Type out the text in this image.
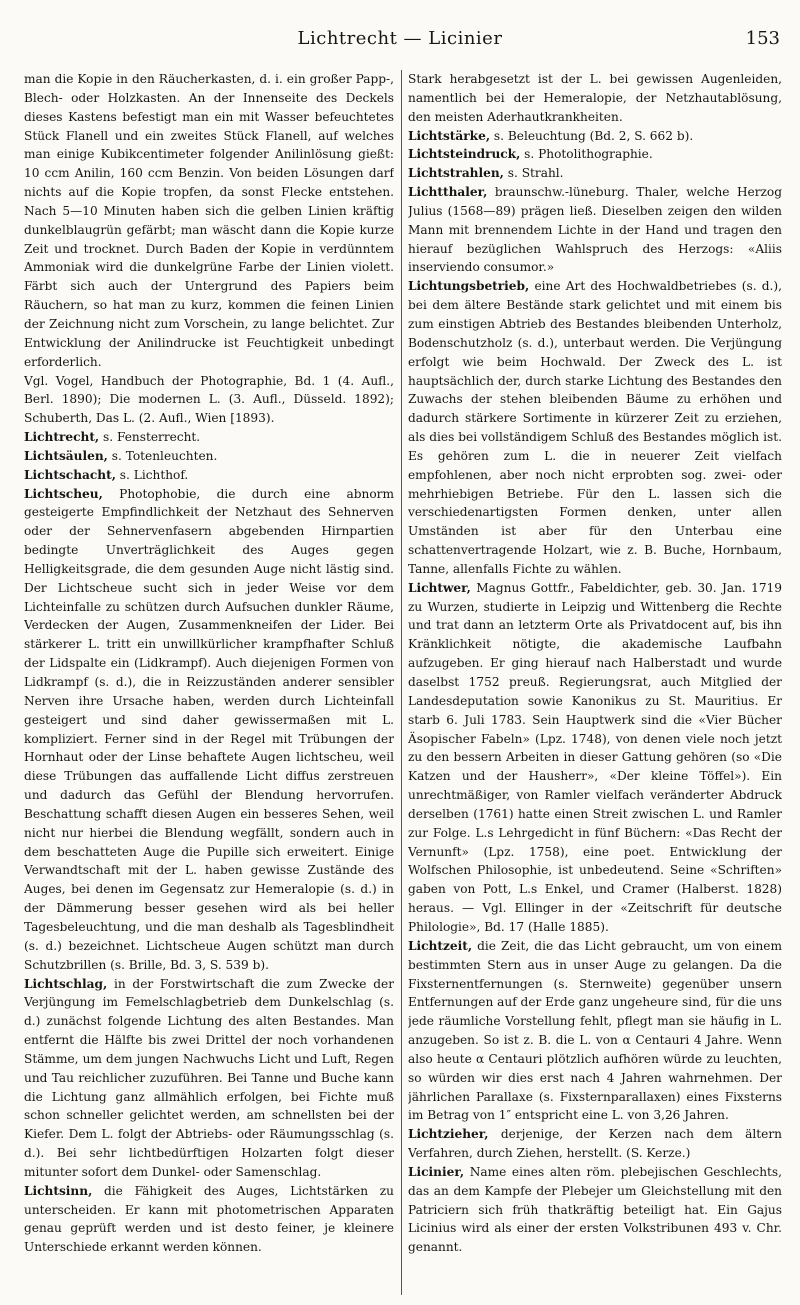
Lichtrecht — Licinier	153

man die Kopie in den Räucherkasten, d. i. ein großer Papp-, Blech- oder Holzkasten. An der Innenseite des Deckels dieses Kastens befestigt man ein mit Wasser befeuchtetes Stück Flanell und ein zweites Stück Flanell, auf welches man einige Kubikcentimeter folgender Anilinlösung gießt: 10 ccm Anilin, 160 ccm Benzin. Von beiden Lösungen darf nichts auf die Kopie tropfen, da sonst Flecke entstehen. Nach 5—10 Minuten haben sich die gelben Linien kräftig dunkelblaugrün gefärbt; man wäscht dann die Kopie kurze Zeit und trocknet. Durch Baden der Kopie in verdünntem Ammoniak wird die dunkelgrüne Farbe der Linien violett. Färbt sich auch der Untergrund des Papiers beim Räuchern, so hat man zu kurz, kommen die feinen Linien der Zeichnung nicht zum Vorschein, zu lange belichtet. Zur Entwicklung der Anilindrucke ist Feuchtigkeit unbedingt erforderlich.

Vgl. Vogel, Handbuch der Photographie, Bd. 1 (4. Aufl., Berl. 1890); Die modernen L. (3. Aufl., Düsseld. 1892); Schuberth, Das L. (2. Aufl., Wien [1893).

Lichtrecht, s. Fensterrecht.

Lichtsäulen, s. Totenleuchten.

Lichtschacht, s. Lichthof.

Lichtscheu, Photophobie, die durch eine abnorm gesteigerte Empfindlichkeit der Netzhaut des Sehnerven oder der Sehnervenfasern abgebenden Hirnpartien bedingte Unverträglichkeit des Auges gegen Helligkeitsgrade, die dem gesunden Auge nicht lästig sind. Der Lichtscheue sucht sich in jeder Weise vor dem Lichteinfalle zu schützen durch Aufsuchen dunkler Räume, Verdecken der Augen, Zusammenkneifen der Lider. Bei stärkerer L. tritt ein unwillkürlicher krampfhafter Schluß der Lidspalte ein (Lidkrampf). Auch diejenigen Formen von Lidkrampf (s. d.), die in Reizzuständen anderer sensibler Nerven ihre Ursache haben, werden durch Lichteinfall gesteigert und sind daher gewissermaßen mit L. kompliziert. Ferner sind in der Regel mit Trübungen der Hornhaut oder der Linse behaftete Augen lichtscheu, weil diese Trübungen das auffallende Licht diffus zerstreuen und dadurch das Gefühl der Blendung hervorrufen. Beschattung schafft diesen Augen ein besseres Sehen, weil nicht nur hierbei die Blendung wegfällt, sondern auch in dem beschatteten Auge die Pupille sich erweitert. Einige Verwandtschaft mit der L. haben gewisse Zustände des Auges, bei denen im Gegensatz zur Hemeralopie (s. d.) in der Dämmerung besser gesehen wird als bei heller Tagesbeleuchtung, und die man deshalb als Tagesblindheit (s. d.) bezeichnet. Lichtscheue Augen schützt man durch Schutzbrillen (s. Brille, Bd. 3, S. 539 b).

Lichtschlag, in der Forstwirtschaft die zum Zwecke der Verjüngung im Femelschlagbetrieb dem Dunkelschlag (s. d.) zunächst folgende Lichtung des alten Bestandes. Man entfernt die Hälfte bis zwei Drittel der noch vorhandenen Stämme, um dem jungen Nachwuchs Licht und Luft, Regen und Tau reichlicher zuzuführen. Bei Tanne und Buche kann die Lichtung ganz allmählich erfolgen, bei Fichte muß schon schneller gelichtet werden, am schnellsten bei der Kiefer. Dem L. folgt der Abtriebs- oder Räumungsschlag (s. d.). Bei sehr lichtbedürftigen Holzarten folgt dieser mitunter sofort dem Dunkel- oder Samenschlag.

Lichtsinn, die Fähigkeit des Auges, Lichtstärken zu unterscheiden. Er kann mit photometrischen Apparaten genau geprüft werden und ist desto feiner, je kleinere Unterschiede erkannt werden können.

Stark herabgesetzt ist der L. bei gewissen Augenleiden, namentlich bei der Hemeralopie, der Netzhautablösung, den meisten Aderhautkrankheiten.

Lichtstärke, s. Beleuchtung (Bd. 2, S. 662 b).

Lichtsteindruck, s. Photolithographie.

Lichtstrahlen, s. Strahl.

Lichtthaler, braunschw.-lüneburg. Thaler, welche Herzog Julius (1568—89) prägen ließ. Dieselben zeigen den wilden Mann mit brennendem Lichte in der Hand und tragen den hierauf bezüglichen Wahlspruch des Herzogs: «Aliis inserviendo consumor.»

Lichtungsbetrieb, eine Art des Hochwaldbetriebes (s. d.), bei dem ältere Bestände stark gelichtet und mit einem bis zum einstigen Abtrieb des Bestandes bleibenden Unterholz, Bodenschutzholz (s. d.), unterbaut werden. Die Verjüngung erfolgt wie beim Hochwald. Der Zweck des L. ist hauptsächlich der, durch starke Lichtung des Bestandes den Zuwachs der stehen bleibenden Bäume zu erhöhen und dadurch stärkere Sortimente in kürzerer Zeit zu erziehen, als dies bei vollständigem Schluß des Bestandes möglich ist. Es gehören zum L. die in neuerer Zeit vielfach empfohlenen, aber noch nicht erprobten sog. zwei- oder mehrhiebigen Betriebe. Für den L. lassen sich die verschiedenartigsten Formen denken, unter allen Umständen ist aber für den Unterbau eine schattenvertragende Holzart, wie z. B. Buche, Hornbaum, Tanne, allenfalls Fichte zu wählen.

Lichtwer, Magnus Gottfr., Fabeldichter, geb. 30. Jan. 1719 zu Wurzen, studierte in Leipzig und Wittenberg die Rechte und trat dann an letzterm Orte als Privatdocent auf, bis ihn Kränklichkeit nötigte, die akademische Laufbahn aufzugeben. Er ging hierauf nach Halberstadt und wurde daselbst 1752 preuß. Regierungsrat, auch Mitglied der Landesdeputation sowie Kanonikus zu St. Mauritius. Er starb 6. Juli 1783. Sein Hauptwerk sind die «Vier Bücher Äsopischer Fabeln» (Lpz. 1748), von denen viele noch jetzt zu den bessern Arbeiten in dieser Gattung gehören (so «Die Katzen und der Hausherr», «Der kleine Töffel»). Ein unrechtmäßiger, von Ramler vielfach veränderter Abdruck derselben (1761) hatte einen Streit zwischen L. und Ramler zur Folge. L.s Lehrgedicht in fünf Büchern: «Das Recht der Vernunft» (Lpz. 1758), eine poet. Entwicklung der Wolfschen Philosophie, ist unbedeutend. Seine «Schriften» gaben von Pott, L.s Enkel, und Cramer (Halberst. 1828) heraus. — Vgl. Ellinger in der «Zeitschrift für deutsche Philologie», Bd. 17 (Halle 1885).

Lichtzeit, die Zeit, die das Licht gebraucht, um von einem bestimmten Stern aus in unser Auge zu gelangen. Da die Fixsternentfernungen (s. Sternweite) gegenüber unsern Entfernungen auf der Erde ganz ungeheure sind, für die uns jede räumliche Vorstellung fehlt, pflegt man sie häufig in L. anzugeben. So ist z. B. die L. von α Centauri 4 Jahre. Wenn also heute α Centauri plötzlich aufhören würde zu leuchten, so würden wir dies erst nach 4 Jahren wahrnehmen. Der jährlichen Parallaxe (s. Fixsternparallaxen) eines Fixsterns im Betrag von 1″ entspricht eine L. von 3,26 Jahren.

Lichtzieher, derjenige, der Kerzen nach dem ältern Verfahren, durch Ziehen, herstellt. (S. Kerze.)

Licinier, Name eines alten röm. plebejischen Geschlechts, das an dem Kampfe der Plebejer um Gleichstellung mit den Patriciern sich früh thatkräftig beteiligt hat. Ein Gajus Licinius wird als einer der ersten Volkstribunen 493 v. Chr. genannt.
